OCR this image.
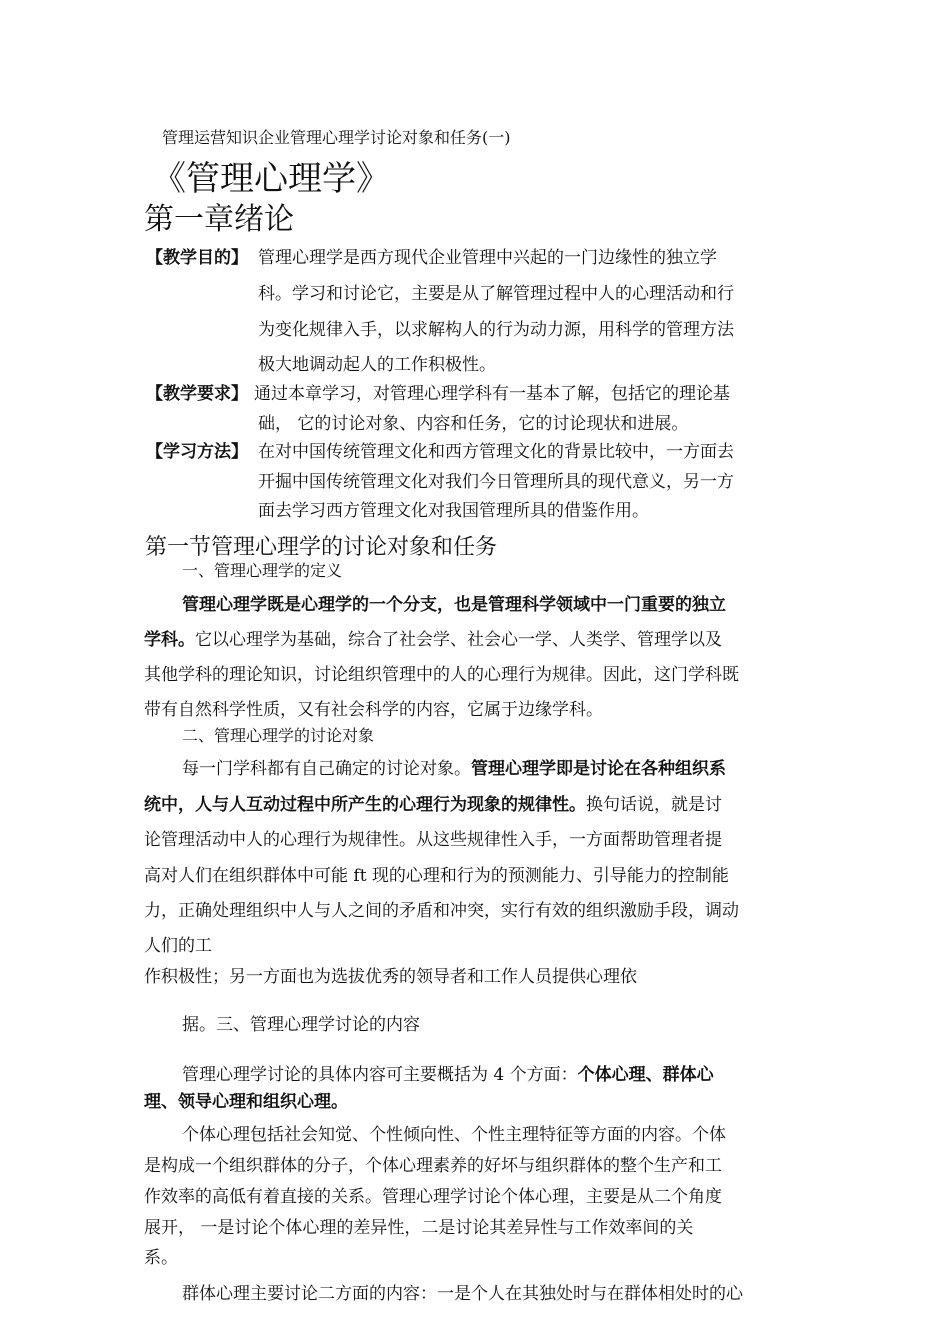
管理运营知识企业管理心理学讨论对象和任务(一)
《管理心理学》
第一章绪论
【教学目的】 管理心理学是西方现代企业管理中兴起的一门边缘性的独立学
科。学习和讨论它，主要是从了解管理过程中人的心理活动和行
为变化规律入手，以求解构人的行为动力源，用科学的管理方法
极大地调动起人的工作积极性。
【教学要求】 通过本章学习，对管理心理学科有一基本了解，包括它的理论基
础， 它的讨论对象、内容和任务，它的讨论现状和进展。
【学习方法】 在对中国传统管理文化和西方管理文化的背景比较中，一方面去
开掘中国传统管理文化对我们今日管理所具的现代意义，另一方
面去学习西方管理文化对我国管理所具的借鉴作用。
第一节管理心理学的讨论对象和任务
一、管理心理学的定义
管理心理学既是心理学的一个分支，也是管理科学领域中一门重要的独立
学科。它以心理学为基础，综合了社会学、社会心一学、人类学、管理学以及
其他学科的理论知识，讨论组织管理中的人的心理行为规律。因此，这门学科既
带有自然科学性质，又有社会科学的内容，它属于边缘学科。
二、管理心理学的讨论对象
每一门学科都有自己确定的讨论对象。管理心理学即是讨论在各种组织系
统中，人与人互动过程中所产生的心理行为现象的规律性。换句话说，就是讨
论管理活动中人的心理行为规律性。从这些规律性入手，一方面帮助管理者提
高对人们在组织群体中可能 ft 现的心理和行为的预测能力、引导能力的控制能
力，正确处理组织中人与人之间的矛盾和冲突，实行有效的组织激励手段，调动
人们的工
作积极性；另一方面也为选拔优秀的领导者和工作人员提供心理依
据。三、管理心理学讨论的内容
管理心理学讨论的具体内容可主要概括为 4 个方面：个体心理、群体心
理、领导心理和组织心理。
个体心理包括社会知觉、个性倾向性、个性主理特征等方面的内容。个体
是构成一个组织群体的分子，个体心理素养的好坏与组织群体的整个生产和工
作效率的高低有着直接的关系。管理心理学讨论个体心理，主要是从二个角度
展开， 一是讨论个体心理的差异性，二是讨论其差异性与工作效率间的关
系。
群体心理主要讨论二方面的内容：一是个人在其独处时与在群体相处时的心
